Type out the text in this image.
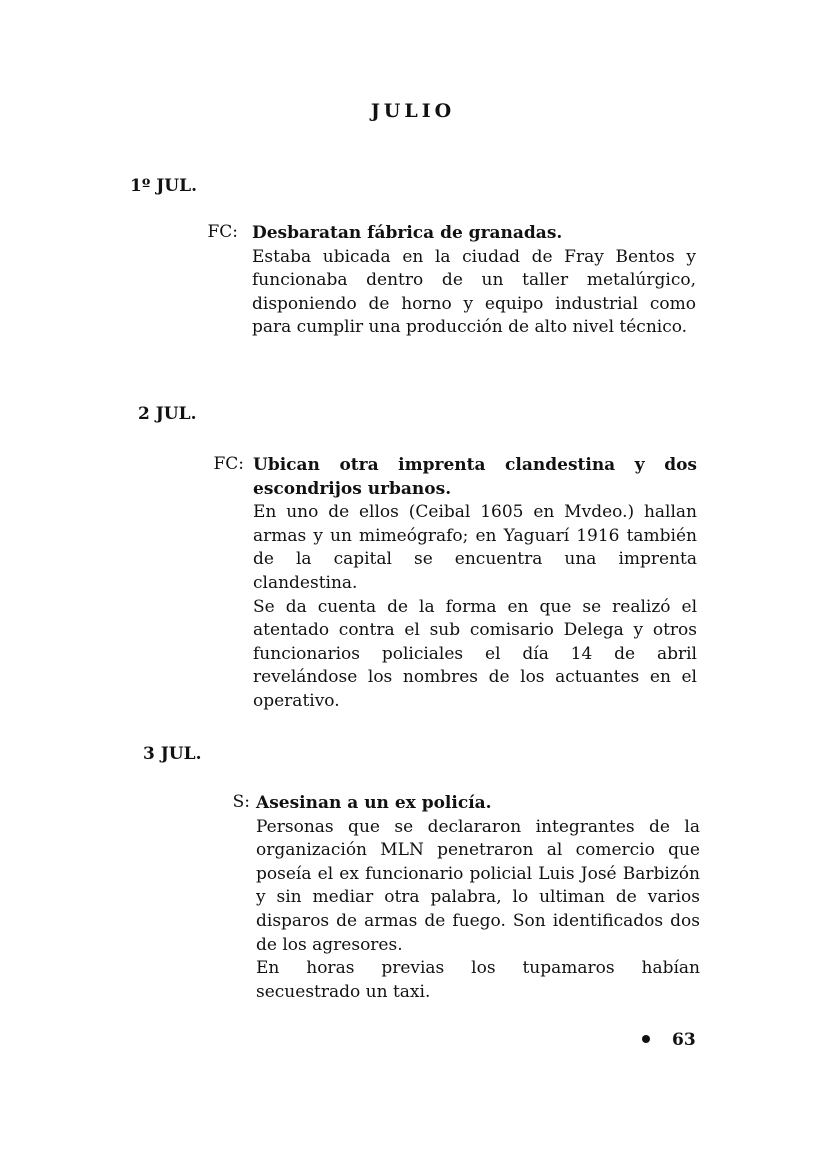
JULIO
1º JUL.
FC: Desbaratan fábrica de granadas.
Estaba ubicada en la ciudad de Fray Bentos y funcionaba dentro de un taller metalúrgico, disponiendo de horno y equipo industrial como para cumplir una producción de alto nivel técnico.
2 JUL.
FC: Ubican otra imprenta clandestina y dos escondrijos urbanos.
En uno de ellos (Ceibal 1605 en Mvdeo.) hallan armas y un mimeógrafo; en Yaguarí 1916 también de la capital se encuentra una imprenta clandestina.
Se da cuenta de la forma en que se realizó el atentado contra el sub comisario Delega y otros funcionarios policiales el día 14 de abril revelándose los nombres de los actuantes en el operativo.
3 JUL.
S: Asesinan a un ex policía.
Personas que se declararon integrantes de la organización MLN penetraron al comercio que poseía el ex funcionario policial Luis José Barbizón y sin mediar otra palabra, lo ultiman de varios disparos de armas de fuego. Son identificados dos de los agresores.
En horas previas los tupamaros habían secuestrado un taxi.
63
